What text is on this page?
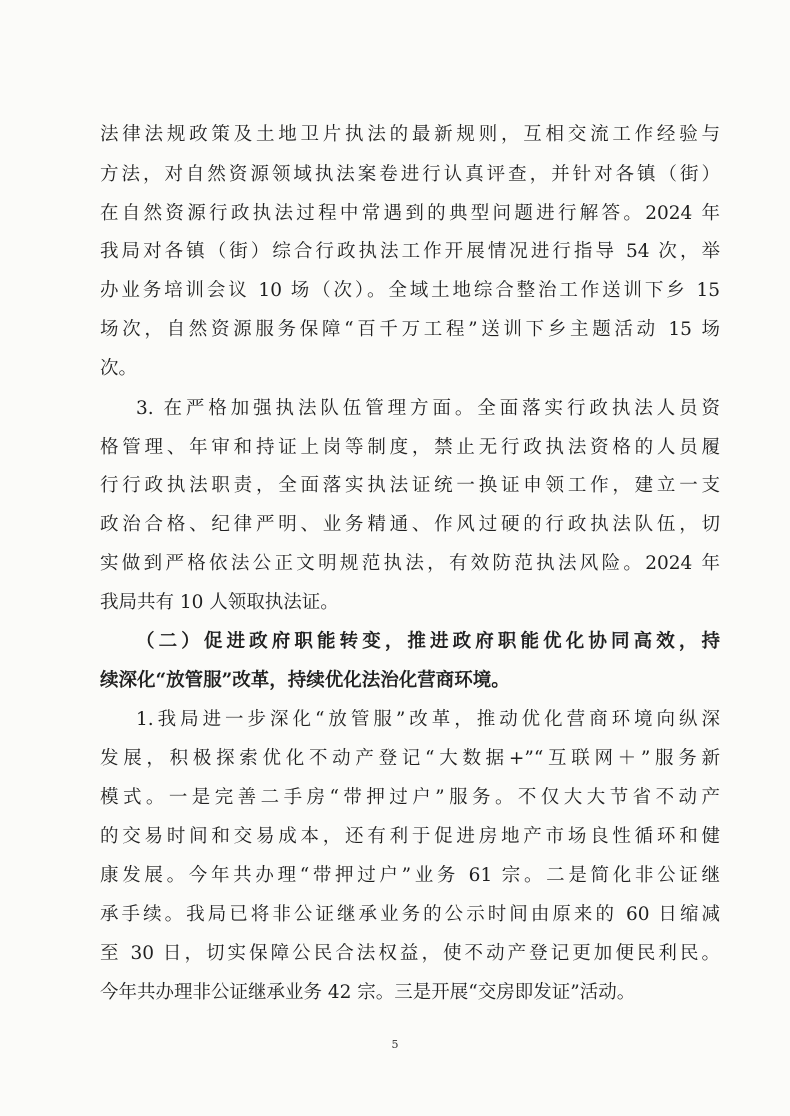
法律法规政策及土地卫片执法的最新规则，互相交流工作经验与

方法，对自然资源领域执法案卷进行认真评查，并针对各镇（街）

在自然资源行政执法过程中常遇到的典型问题进行解答。2024 年

我局对各镇（街）综合行政执法工作开展情况进行指导 54 次，举

办业务培训会议 10 场（次）。全域土地综合整治工作送训下乡 15

场次，自然资源服务保障“百千万工程”送训下乡主题活动 15 场

次。

3. 在严格加强执法队伍管理方面。全面落实行政执法人员资

格管理、年审和持证上岗等制度，禁止无行政执法资格的人员履

行行政执法职责，全面落实执法证统一换证申领工作，建立一支

政治合格、纪律严明、业务精通、作风过硬的行政执法队伍，切

实做到严格依法公正文明规范执法，有效防范执法风险。2024 年

我局共有 10 人领取执法证。

（二）促进政府职能转变，推进政府职能优化协同高效，持

续深化“放管服”改革，持续优化法治化营商环境。

1.我局进一步深化“放管服”改革，推动优化营商环境向纵深

发展，积极探索优化不动产登记“大数据+”“互联网＋”服务新

模式。一是完善二手房“带押过户”服务。不仅大大节省不动产

的交易时间和交易成本，还有利于促进房地产市场良性循环和健

康发展。今年共办理“带押过户”业务 61 宗。二是简化非公证继

承手续。我局已将非公证继承业务的公示时间由原来的 60 日缩减

至 30 日，切实保障公民合法权益，使不动产登记更加便民利民。

今年共办理非公证继承业务 42 宗。三是开展“交房即发证”活动。

5
